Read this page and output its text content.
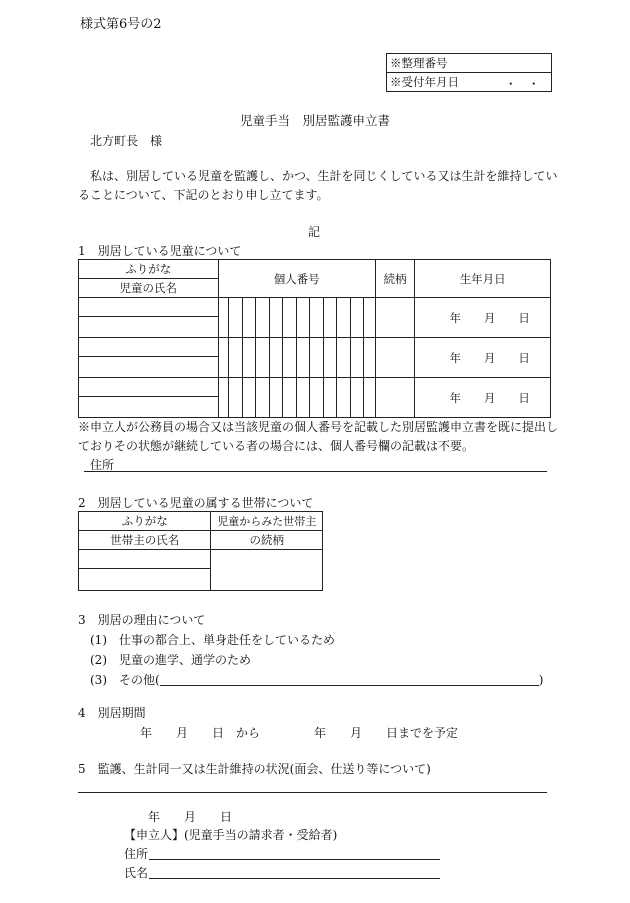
様式第6号の2
※整理番号
※受付年月日	・　・
児童手当　別居監護申立書
北方町長　様
私は、別居している児童を監護し、かつ、生計を同じくしている又は生計を維持してい
ることについて、下記のとおり申し立てます。
記
1　別居している児童について
ふりがな	個人番号												続柄	生年月日
児童の氏名														
														年　　月　　日

														年　　月　　日

														年　　月　　日

※申立人が公務員の場合又は当該児童の個人番号を記載した別居監護申立書を既に提出し
ておりその状態が継続している者の場合には、個人番号欄の記載は不要。
住所
2　別居している児童の属する世帯について
ふりがな	児童からみた世帯主
世帯主の氏名	の続柄

3　別居の理由について
(1)　仕事の都合上、単身赴任をしているため
(2)　児童の進学、通学のため
(3)　その他(	)
4　別居期間
年　　月　　日　から	年　　月　　日までを予定
5　監護、生計同一又は生計維持の状況(面会、仕送り等について)
年　　月　　日
【申立人】(児童手当の請求者・受給者)
住所
氏名
